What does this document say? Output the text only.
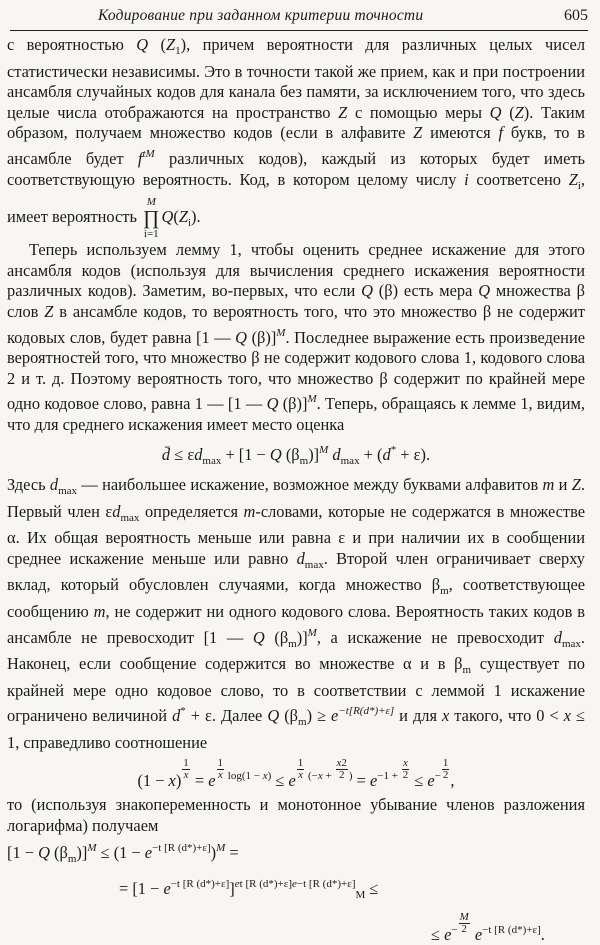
Кодирование при заданном критерии точности	605

с вероятностью Q $(Z_1)$, причем вероятности для различных целых чисел статистически независимы. Это в точности такой же прием, как и при построении ансамбля случайных кодов для канала без памяти, за исключением того, что здесь целые числа отображаются на пространство Z с помощью меры Q (Z). Таким образом, получаем множество кодов (если в алфавите Z имеются f букв, то в ансамбле будет $f^{tM}$ различных кодов), каждый из которых будет иметь соответствующую вероятность. Код, в котором целому числу i соответсено $Z_i$, имеет вероятность
M
∏
i=1
$Q(Z_i)$.

Теперь используем лемму 1, чтобы оценить среднее искажение для этого ансамбля кодов (используя для вычисления среднего искажения вероятности различных кодов). Заметим, во-первых, что если Q (β) есть мера Q множества β слов Z в ансамбле кодов, то вероятность того, что это множество β не содержит кодовых слов, будет равна [1 — Q (β)]$^M$. Последнее выражение есть произведение вероятностей того, что множество β не содержит кодового слова 1, кодового слова 2 и т. д. Поэтому вероятность того, что множество β содержит по крайней мере одно кодовое слово, равна 1 — [1 — Q (β)]$^M$. Теперь, обращаясь к лемме 1, видим, что для среднего искажения имеет место оценка

d̄ ≤ $\varepsilon d_{max} + [1 - Q$ $(\beta_m)]^M$ $d_{max} + (d^* + \varepsilon)$.

Здесь $d_{max}$ — наибольшее искажение, возможное между буквами алфавитов m и Z. Первый член $\varepsilon d_{max}$ определяется m-словами, которые не содержатся в множестве α. Их общая вероятность меньше или равна ε и при наличии их в сообщении среднее искажение меньше или равно $d_{max}$. Второй член ограничивает сверху вклад, который обусловлен случаями, когда множество $\beta_m$, соответствующее сообщению m, не содержит ни одного кодового слова. Вероятность таких кодов в ансамбле не превосходит [1 — Q $(\beta_m)]^M$, а искажение не превосходит $d_{max}$. Наконец, если сообщение содержится во множестве α и в $\beta_m$ существует по крайней мере одно кодовое слово, то в соответствии с леммой 1 искажение ограничено величиной d* + ε. Далее Q $(\beta_m) \ge e^{-t[R(d*)+\varepsilon]}$ и для x такого, что 0 < x ≤ 1, справедливо соотношение

$(1 - x) \frac{1}{x} = e \frac{1}{x} ^{log(1 -}$ $^{x)}$ ≤ e $\frac{1}{x} ^{(-x}$ $^+ \frac{x2}{2} ^) = e^{-1 +} \frac{x}{2} \le e^- \frac{1}{2}$ ,

то (используя знакопеременность и монотонное убывание членов разложения логарифма) получаем

[1 − Q $(\beta_m)]^M \le (1 - e^{-t [R (d*)+\varepsilon]})^M$ =
= $[1 - e^{-t [R (d*)+\varepsilon]}]^{et [R (d*)+\varepsilon]e-t [R (d*)+\varepsilon]}_M$ ≤
≤ $e^- \frac{M}{2} e^{-t [R (d*)+\varepsilon]}$.
